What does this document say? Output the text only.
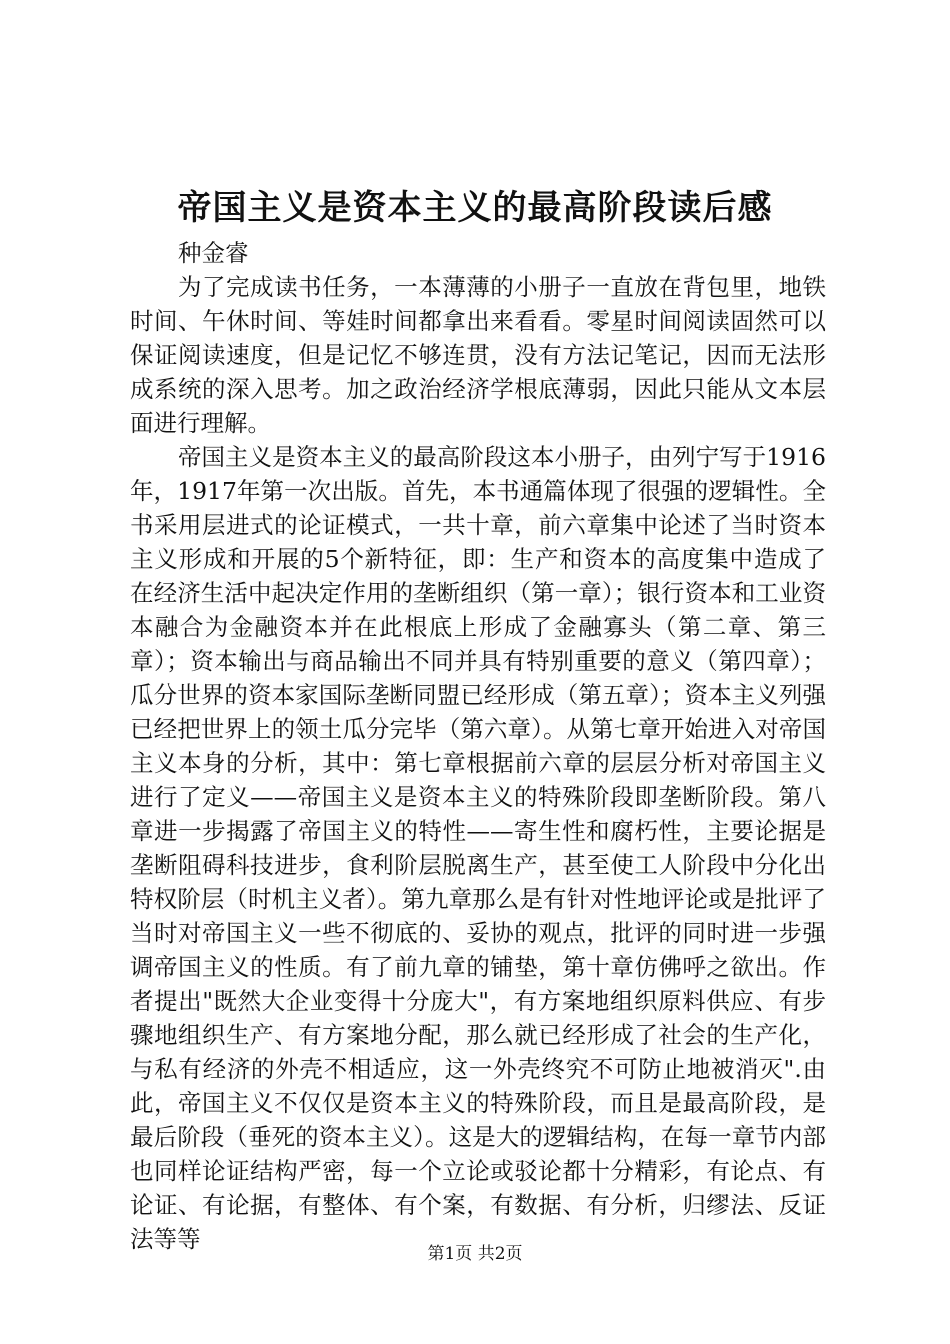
帝国主义是资本主义的最高阶段读后感

种金睿

为了完成读书任务，一本薄薄的小册子一直放在背包里，地铁时间、午休时间、等娃时间都拿出来看看。零星时间阅读固然可以保证阅读速度，但是记忆不够连贯，没有方法记笔记，因而无法形成系统的深入思考。加之政治经济学根底薄弱，因此只能从文本层面进行理解。

帝国主义是资本主义的最高阶段这本小册子，由列宁写于1916年，1917年第一次出版。首先，本书通篇体现了很强的逻辑性。全书采用层进式的论证模式，一共十章，前六章集中论述了当时资本主义形成和开展的5个新特征，即：生产和资本的高度集中造成了在经济生活中起决定作用的垄断组织（第一章）；银行资本和工业资本融合为金融资本并在此根底上形成了金融寡头（第二章、第三章）；资本输出与商品输出不同并具有特别重要的意义（第四章）；瓜分世界的资本家国际垄断同盟已经形成（第五章）；资本主义列强已经把世界上的领土瓜分完毕（第六章）。从第七章开始进入对帝国主义本身的分析，其中：第七章根据前六章的层层分析对帝国主义进行了定义——帝国主义是资本主义的特殊阶段即垄断阶段。第八章进一步揭露了帝国主义的特性——寄生性和腐朽性，主要论据是垄断阻碍科技进步，食利阶层脱离生产，甚至使工人阶段中分化出特权阶层（时机主义者）。第九章那么是有针对性地评论或是批评了当时对帝国主义一些不彻底的、妥协的观点，批评的同时进一步强调帝国主义的性质。有了前九章的铺垫，第十章仿佛呼之欲出。作者提出"既然大企业变得十分庞大"，有方案地组织原料供应、有步骤地组织生产、有方案地分配，那么就已经形成了社会的生产化，与私有经济的外壳不相适应，这一外壳终究不可防止地被消灭".由此，帝国主义不仅仅是资本主义的特殊阶段，而且是最高阶段，是最后阶段（垂死的资本主义）。这是大的逻辑结构，在每一章节内部也同样论证结构严密，每一个立论或驳论都十分精彩，有论点、有论证、有论据，有整体、有个案，有数据、有分析，归缪法、反证法等等

第1页 共2页
